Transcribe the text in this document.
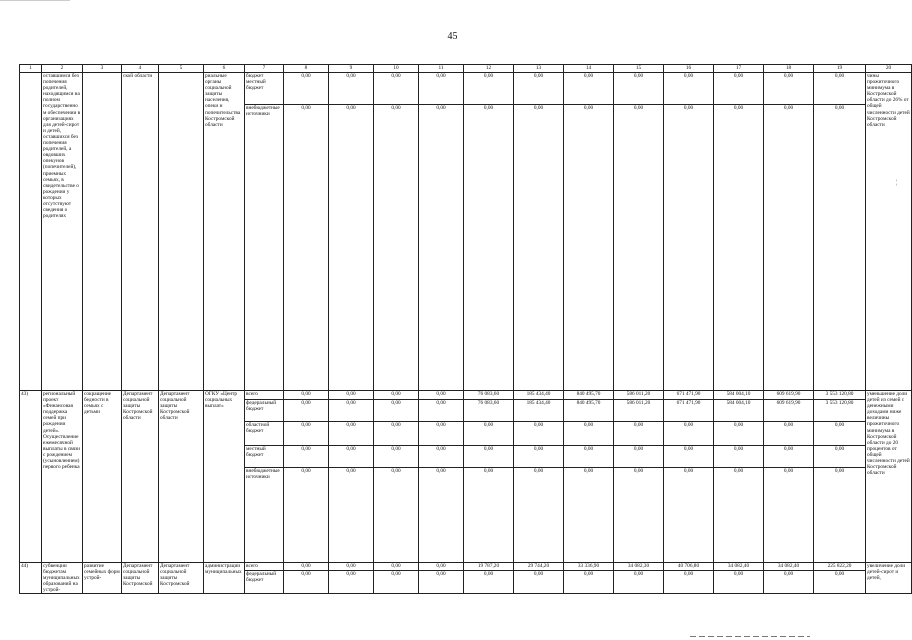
45
1	2	3	4	5	6	7	8	9	10	11	12	13	14	15	16	17	18	19	20
	оставшимся без попечения родителей, находящимся на полном государственном обеспечении в организациях для детей-сирот и детей, оставшихся без попечения родителей, а овдовших опекунов (попечителей), приемных семьях, в свидетельстве о рождении у которых отсутствуют сведения о родителях		ской области		риальные органы социальной защиты населения, опеки и попечительства Костромской области	бюджет местный бюджет	0,00	0,00	0,00	0,00	0,00	0,00	0,00	0,00	0,00	0,00	0,00	0,00	чины прожиточного минимума в Костромской области до 26% от общей численности детей Костромской области
						внебюджетные источники	0,00	0,00	0,00	0,00	0,00	0,00	0,00	0,00	0,00	0,00	0,00	0,00	
43)	региональный проект «Финансовая поддержка семей при рождении детей». Осуществление ежемесячной выплаты в связи с рождением (усыновлением) первого ребенка	сокращение бедности в семьях с детьми	Департамент социальной защиты Костромской области	Департамент социальной защиты Костромской области	ОГКУ «Центр социальных выплат»	всего	0,00	0,00	0,00	0,00	76 083,60	185 434,40	840 495,70	586 011,20	671 471,90	584 004,10	609 619,90	3 553 120,80	уменьшение доли детей из семей с денежными доходами ниже величины прожиточного минимума в Костромской области до 20 процентов от общей численности детей Костромской области
						федеральный бюджет	0,00	0,00	0,00	0,00	76 083,60	185 434,40	840 495,70	586 011,20	671 471,90	584 004,10	609 619,90	3 553 120,80	
						областной бюджет	0,00	0,00	0,00	0,00	0,00	0,00	0,00	0,00	0,00	0,00	0,00	0,00	
						местный бюджет	0,00	0,00	0,00	0,00	0,00	0,00	0,00	0,00	0,00	0,00	0,00	0,00	
						внебюджетные источники	0,00	0,00	0,00	0,00	0,00	0,00	0,00	0,00	0,00	0,00	0,00	0,00	
44)	субвенции бюджетам муниципальных образований на устрой-	развитие семейных форм устрой-	Департамент социальной защиты Костромской	Департамент социальной защиты Костромской	администрации муниципальных	всего	0,00	0,00	0,00	0,00	19 787,20	29 744,20	33 336,90	34 082,30	40 706,80	34 082,40	34 082,40	225 822,20	увеличение доли детей-сирот и детей,
						федеральный бюджет	0,00	0,00	0,00	0,00	0,00	0,00	0,00	0,00	0,00	0,00	0,00	0,00	
¦
